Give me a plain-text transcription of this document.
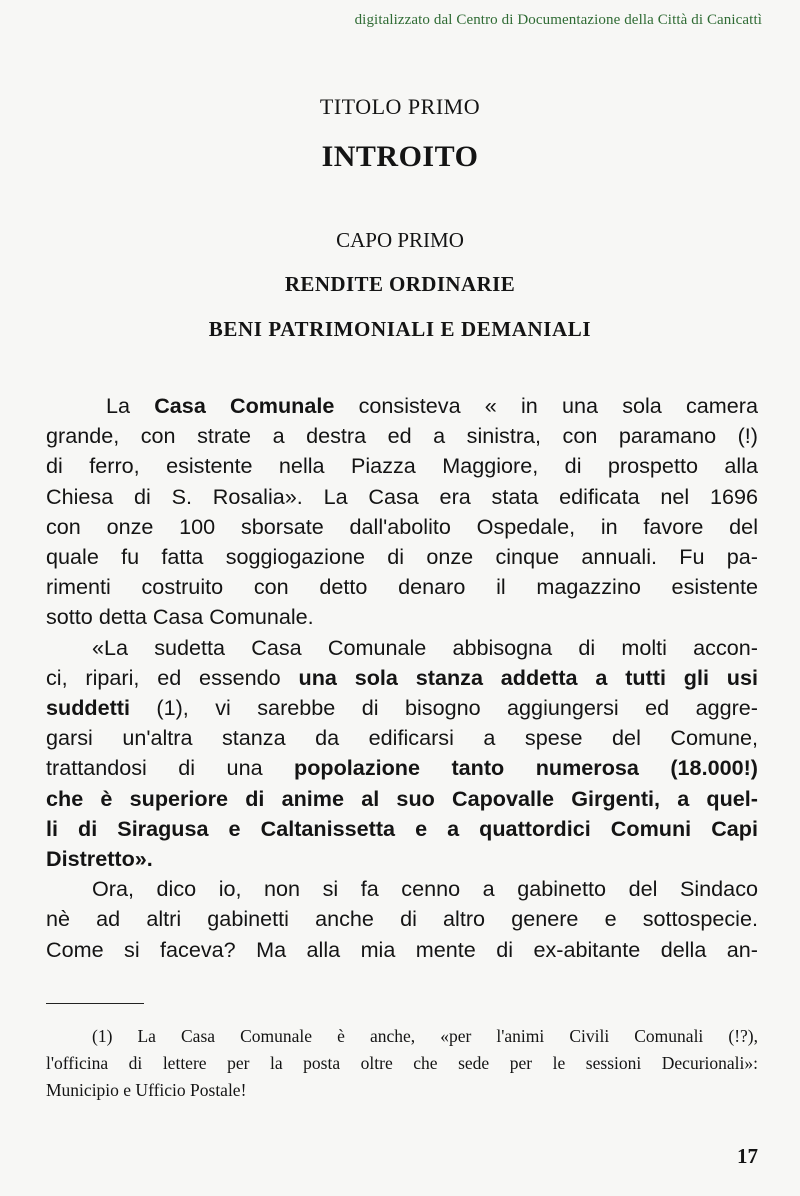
digitalizzato dal Centro di Documentazione della Città di Canicattì
TITOLO PRIMO
INTROITO
CAPO PRIMO
RENDITE ORDINARIE
BENI PATRIMONIALI E DEMANIALI
La Casa Comunale consisteva « in una sola camera
grande, con strate a destra ed a sinistra, con paramano (!)
di ferro, esistente nella Piazza Maggiore, di prospetto alla
Chiesa di S. Rosalia». La Casa era stata edificata nel 1696
con onze 100 sborsate dall'abolito Ospedale, in favore del
quale fu fatta soggiogazione di onze cinque annuali. Fu pa-
rimenti costruito con detto denaro il magazzino esistente
sotto detta Casa Comunale.
«La sudetta Casa Comunale abbisogna di molti accon-
ci, ripari, ed essendo una sola stanza addetta a tutti gli usi
suddetti (1), vi sarebbe di bisogno aggiungersi ed aggre-
garsi un'altra stanza da edificarsi a spese del Comune,
trattandosi di una popolazione tanto numerosa (18.000!)
che è superiore di anime al suo Capovalle Girgenti, a quel-
li di Siragusa e Caltanissetta e a quattordici Comuni Capi
Distretto».
Ora, dico io, non si fa cenno a gabinetto del Sindaco
nè ad altri gabinetti anche di altro genere e sottospecie.
Come si faceva? Ma alla mia mente di ex-abitante della an-
(1) La Casa Comunale è anche, «per l'animi Civili Comunali (!?),
l'officina di lettere per la posta oltre che sede per le sessioni Decurionali»:
Municipio e Ufficio Postale!
17
